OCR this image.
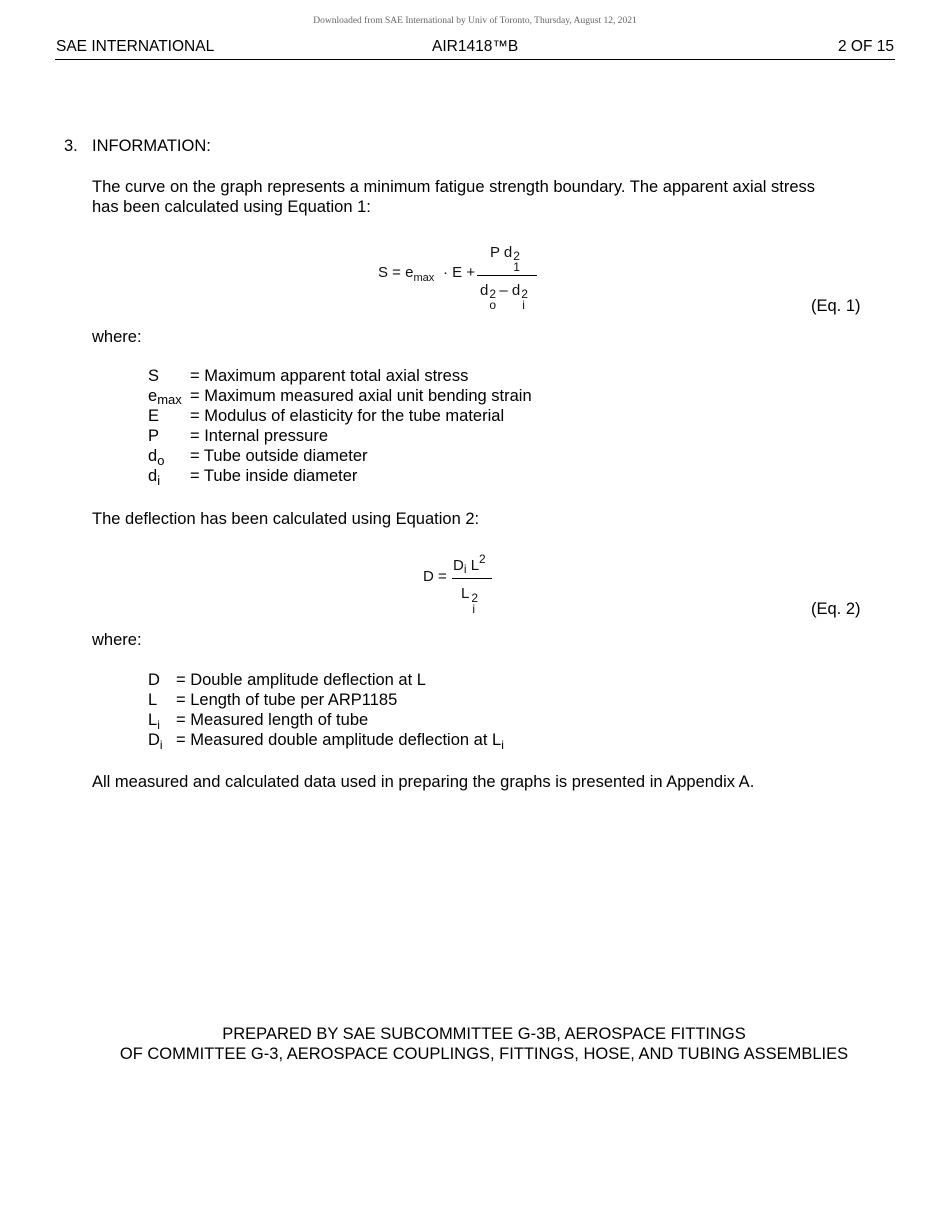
Downloaded from SAE International by Univ of Toronto, Thursday, August 12, 2021
SAE INTERNATIONAL	AIR1418™B	2 OF 15
3. INFORMATION:
The curve on the graph represents a minimum fatigue strength boundary. The apparent axial stress
has been calculated using Equation 1:
$S = e_{max} \cdot E$ +
P d 2
1
d 2
o
– d 2
i	(Eq. 1)
where:
S = Maximum apparent total axial stress
emax = Maximum measured axial unit bending strain
E = Modulus of elasticity for the tube material
P = Internal pressure
$d_o$ = Tube outside diameter
$d_i$ = Tube inside diameter
The deflection has been calculated using Equation 2:
D =
$D_i$ $L^2$
L 2
i	(Eq. 2)
where:
D = Double amplitude deflection at L
L = Length of tube per ARP1185
$L_i$ = Measured length of tube
$D_i$ = Measured double amplitude deflection at $L_i$
All measured and calculated data used in preparing the graphs is presented in Appendix A.
PREPARED BY SAE SUBCOMMITTEE G-3B, AEROSPACE FITTINGS
OF COMMITTEE G-3, AEROSPACE COUPLINGS, FITTINGS, HOSE, AND TUBING ASSEMBLIES
